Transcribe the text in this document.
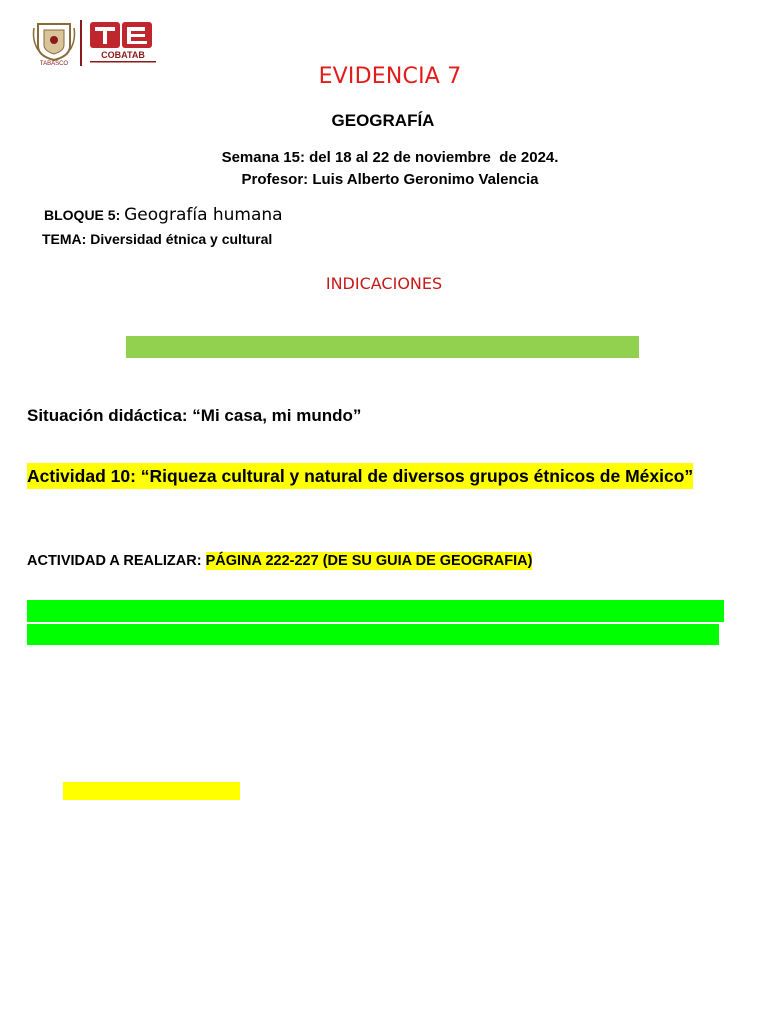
TABASCO
COBATAB
EVIDENCIA 7
GEOGRAFÍA
Semana 15: del 18 al 22 de noviembre  de 2024.
Profesor: Luis Alberto Geronimo Valencia
BLOQUE 5: Geografía humana
TEMA: Diversidad étnica y cultural
INDICACIONES
Situación didáctica: “Mi casa, mi mundo”
Actividad 10: “Riqueza cultural y natural de diversos grupos étnicos de México”
ACTIVIDAD A REALIZAR: PÁGINA 222-227 (DE SU GUIA DE GEOGRAFIA)
